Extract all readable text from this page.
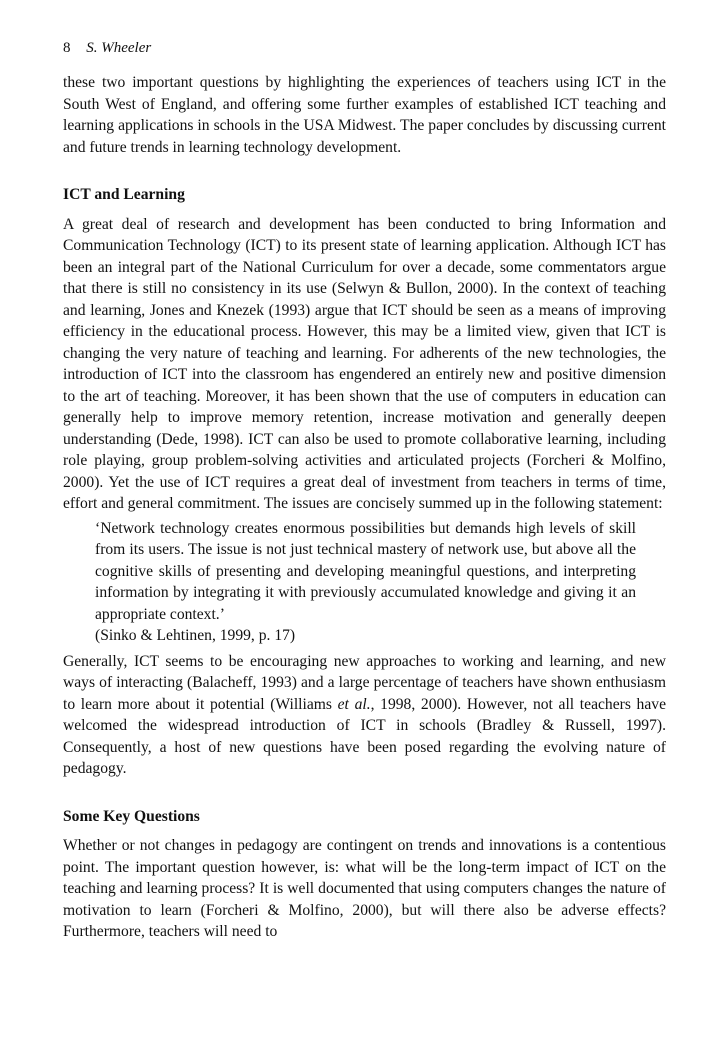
8 S. Wheeler

these two important questions by highlighting the experiences of teachers using ICT in the South West of England, and offering some further examples of established ICT teaching and learning applications in schools in the USA Midwest. The paper concludes by discussing current and future trends in learning technology development.

ICT and Learning

A great deal of research and development has been conducted to bring Information and Communication Technology (ICT) to its present state of learning application. Although ICT has been an integral part of the National Curriculum for over a decade, some commentators argue that there is still no consistency in its use (Selwyn & Bullon, 2000). In the context of teaching and learning, Jones and Knezek (1993) argue that ICT should be seen as a means of improving efficiency in the educational process. However, this may be a limited view, given that ICT is changing the very nature of teaching and learning. For adherents of the new technologies, the introduction of ICT into the classroom has engendered an entirely new and positive dimension to the art of teaching. Moreover, it has been shown that the use of computers in education can generally help to improve memory retention, increase motivation and generally deepen understanding (Dede, 1998). ICT can also be used to promote collaborative learning, including role playing, group problem-solving activities and articulated projects (Forcheri & Molfino, 2000). Yet the use of ICT requires a great deal of investment from teachers in terms of time, effort and general commitment. The issues are concisely summed up in the following statement:

‘Network technology creates enormous possibilities but demands high levels of skill from its users. The issue is not just technical mastery of network use, but above all the cognitive skills of presenting and developing meaningful questions, and interpreting information by integrating it with previously accumulated knowledge and giving it an appropriate context.’

(Sinko & Lehtinen, 1999, p. 17)

Generally, ICT seems to be encouraging new approaches to working and learning, and new ways of interacting (Balacheff, 1993) and a large percentage of teachers have shown enthusiasm to learn more about it potential (Williams et al., 1998, 2000). However, not all teachers have welcomed the widespread introduction of ICT in schools (Bradley & Russell, 1997). Consequently, a host of new questions have been posed regarding the evolving nature of pedagogy.

Some Key Questions

Whether or not changes in pedagogy are contingent on trends and innovations is a contentious point. The important question however, is: what will be the long-term impact of ICT on the teaching and learning process? It is well documented that using computers changes the nature of motivation to learn (Forcheri & Molfino, 2000), but will there also be adverse effects? Furthermore, teachers will need to
